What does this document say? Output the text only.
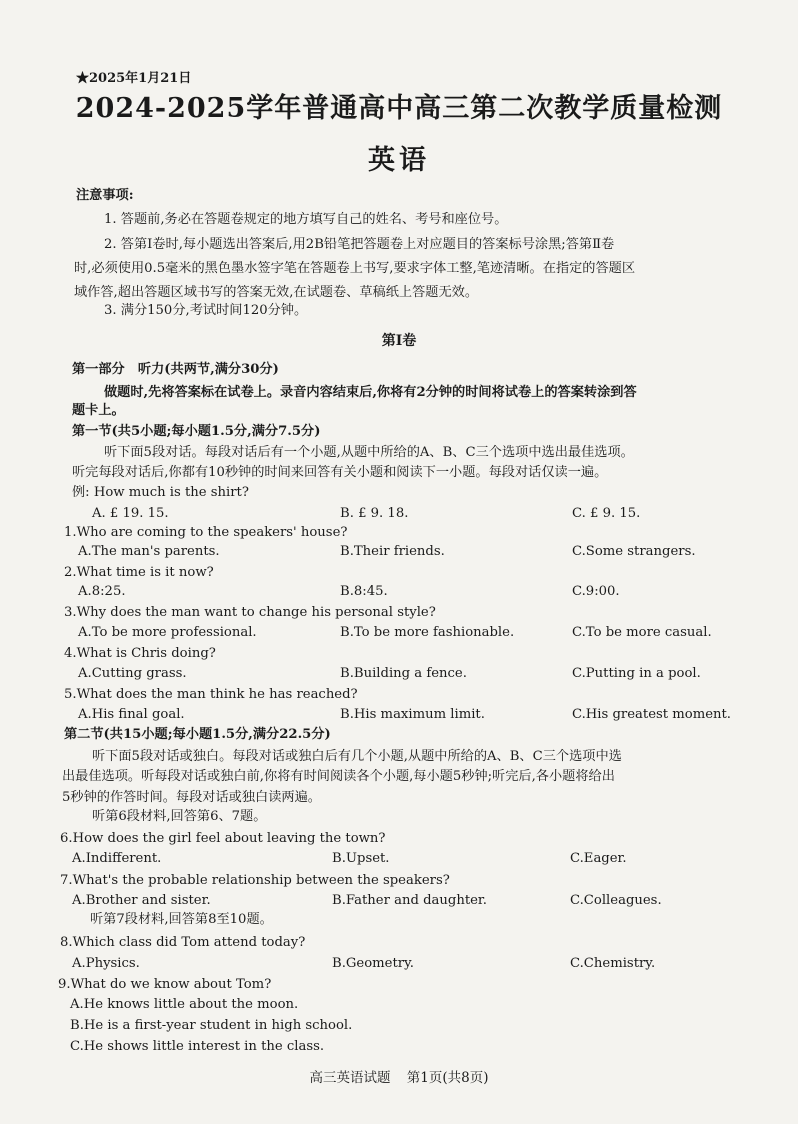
★2025年1月21日
2024-2025学年普通高中高三第二次教学质量检测
英语
注意事项:
1. 答题前,务必在答题卷规定的地方填写自己的姓名、考号和座位号。
2. 答第Ⅰ卷时,每小题选出答案后,用2B铅笔把答题卷上对应题目的答案标号涂黑;答第Ⅱ卷
时,必须使用0.5毫米的黑色墨水签字笔在答题卷上书写,要求字体工整,笔迹清晰。在指定的答题区
域作答,超出答题区域书写的答案无效,在试题卷、草稿纸上答题无效。
3. 满分150分,考试时间120分钟。
第Ⅰ卷
第一部分　听力(共两节,满分30分)
做题时,先将答案标在试卷上。录音内容结束后,你将有2分钟的时间将试卷上的答案转涂到答
题卡上。
第一节(共5小题;每小题1.5分,满分7.5分)
听下面5段对话。每段对话后有一个小题,从题中所给的A、B、C三个选项中选出最佳选项。
听完每段对话后,你都有10秒钟的时间来回答有关小题和阅读下一小题。每段对话仅读一遍。
例: How much is the shirt?
A. £ 19. 15.	B. £ 9. 18.	C. £ 9. 15.
1.Who are coming to the speakers' house?
A.The man's parents.	B.Their friends.	C.Some strangers.
2.What time is it now?
A.8:25.	B.8:45.	C.9:00.
3.Why does the man want to change his personal style?
A.To be more professional.	B.To be more fashionable.	C.To be more casual.
4.What is Chris doing?
A.Cutting grass.	B.Building a fence.	C.Putting in a pool.
5.What does the man think he has reached?
A.His final goal.	B.His maximum limit.	C.His greatest moment.
第二节(共15小题;每小题1.5分,满分22.5分)
听下面5段对话或独白。每段对话或独白后有几个小题,从题中所给的A、B、C三个选项中选
出最佳选项。听每段对话或独白前,你将有时间阅读各个小题,每小题5秒钟;听完后,各小题将给出
5秒钟的作答时间。每段对话或独白读两遍。
听第6段材料,回答第6、7题。
6.How does the girl feel about leaving the town?
A.Indifferent.	B.Upset.	C.Eager.
7.What's the probable relationship between the speakers?
A.Brother and sister.	B.Father and daughter.	C.Colleagues.
听第7段材料,回答第8至10题。
8.Which class did Tom attend today?
A.Physics.	B.Geometry.	C.Chemistry.
9.What do we know about Tom?
A.He knows little about the moon.
B.He is a first-year student in high school.
C.He shows little interest in the class.
高三英语试题 第1页(共8页)
